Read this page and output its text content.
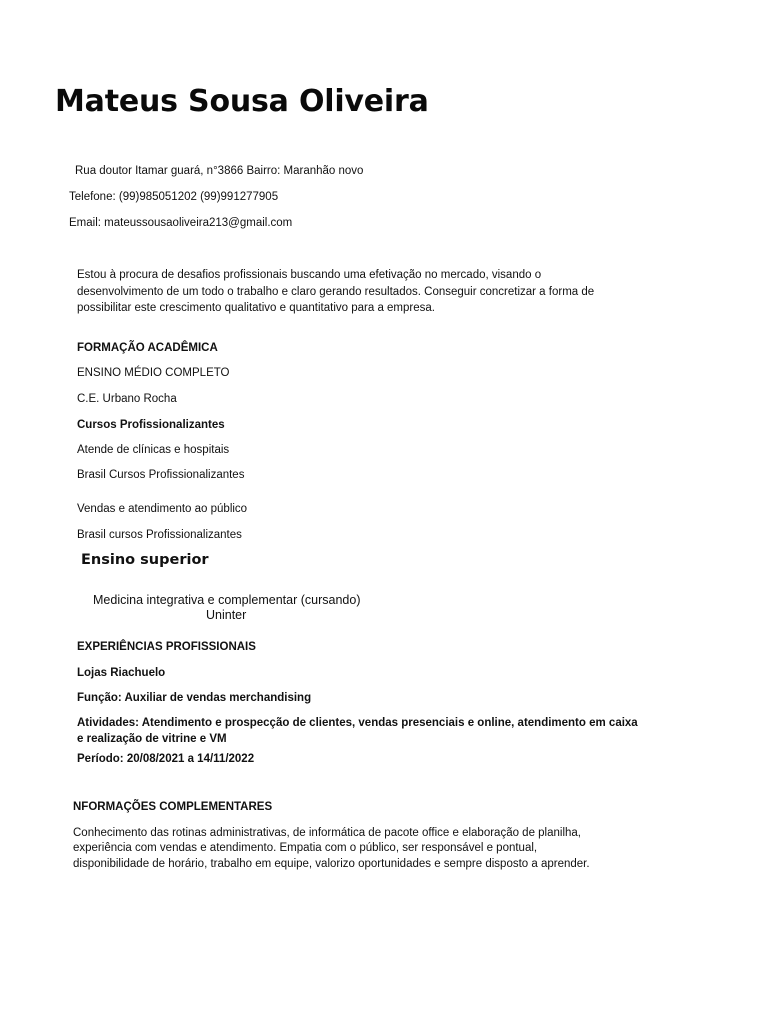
Mateus Sousa Oliveira
Rua doutor Itamar guará, n°3866 Bairro: Maranhão novo
Telefone: (99)985051202 (99)991277905
Email: mateussousaoliveira213@gmail.com
Estou à procura de desafios profissionais buscando uma efetivação no mercado, visando o
desenvolvimento de um todo o trabalho e claro gerando resultados. Conseguir concretizar a forma de
possibilitar este crescimento qualitativo e quantitativo para a empresa.
FORMAÇÃO ACADÊMICA
ENSINO MÉDIO COMPLETO
C.E. Urbano Rocha
Cursos Profissionalizantes
Atende de clínicas e hospitais
Brasil Cursos Profissionalizantes
Vendas e atendimento ao público
Brasil cursos Profissionalizantes
Ensino superior
Medicina integrativa e complementar (cursando)
Uninter
EXPERIÊNCIAS PROFISSIONAIS
Lojas Riachuelo
Função: Auxiliar de vendas merchandising
Atividades: Atendimento e prospecção de clientes, vendas presenciais e online, atendimento em caixa
e realização de vitrine e VM
Período: 20/08/2021 a 14/11/2022
NFORMAÇÕES COMPLEMENTARES
Conhecimento das rotinas administrativas, de informática de pacote office e elaboração de planilha,
experiência com vendas e atendimento. Empatia com o público, ser responsável e pontual,
disponibilidade de horário, trabalho em equipe, valorizo oportunidades e sempre disposto a aprender.
